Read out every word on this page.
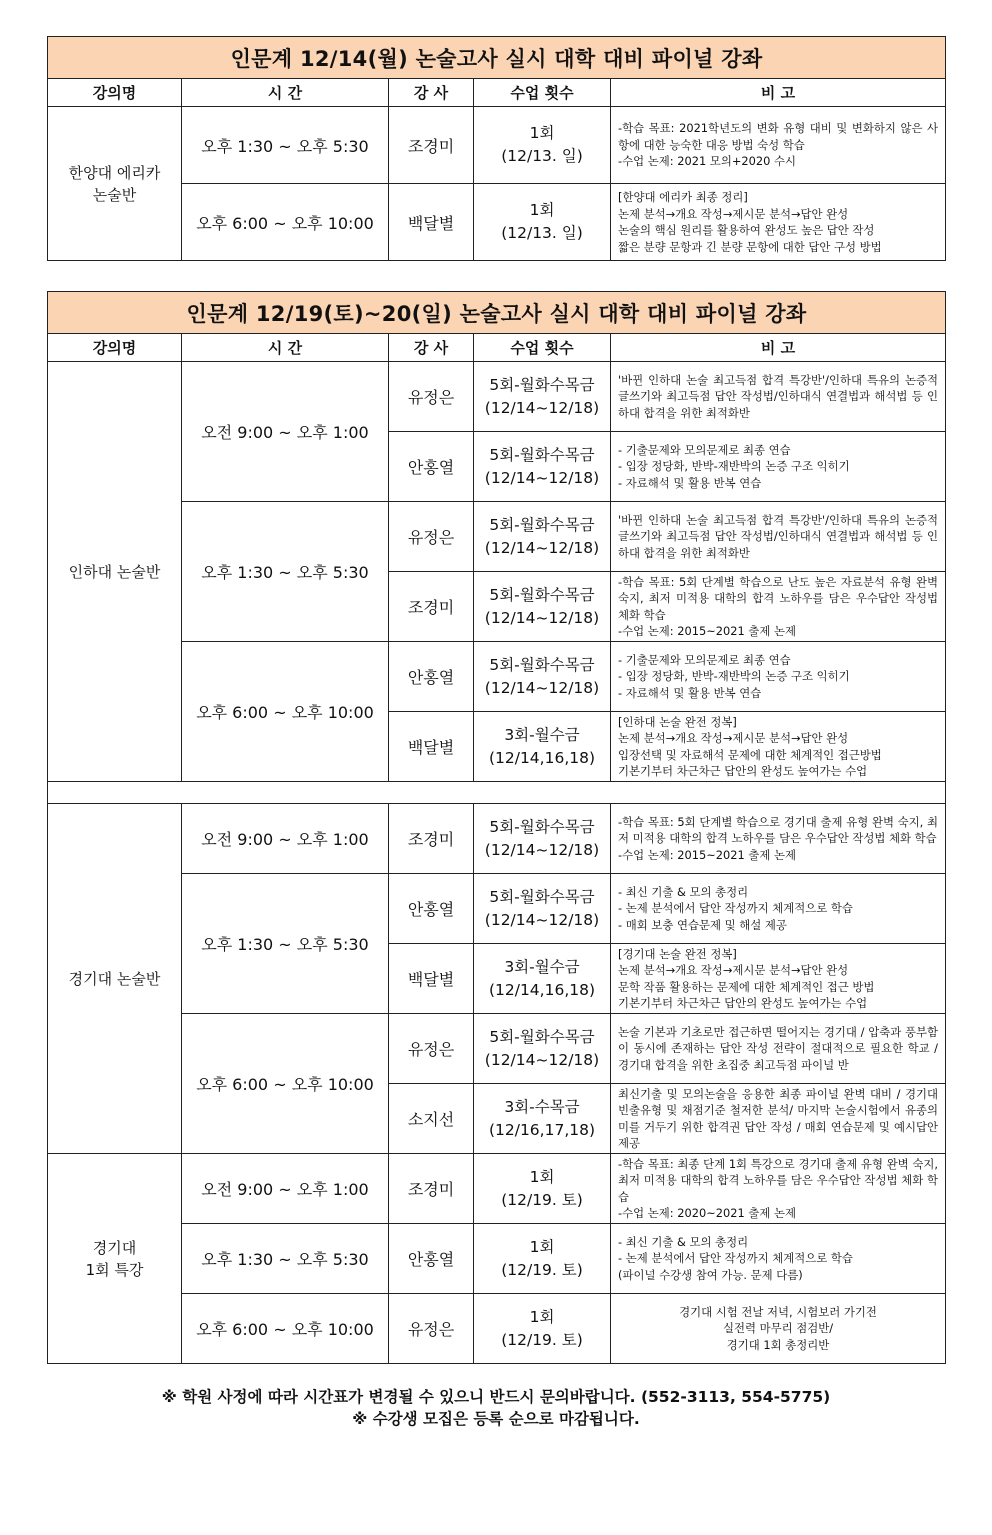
인문계 12/14(월) 논술고사 실시 대학 대비 파이널 강좌				
강의명	시 간	강 사	수업 횟수	비 고

한양대 에리카
논술반	오후 1:30 ~ 오후 5:30	조경미	1회
(12/13. 일)	-학습 목표: 2021학년도의 변화 유형 대비 및 변화하지 않은 사항에 대한 능숙한 대응 방법 숙성 학습
-수업 논제: 2021 모의+2020 수시

	오후 6:00 ~ 오후 10:00	백달별	1회
(12/13. 일)	[한양대 에리카 최종 정리]
논제 분석→개요 작성→제시문 분석→답안 완성
논술의 핵심 원리를 활용하여 완성도 높은 답안 작성
짧은 분량 문항과 긴 분량 문항에 대한 답안 구성 방법
인문계 12/19(토)~20(일) 논술고사 실시 대학 대비 파이널 강좌				
강의명	시 간	강 사	수업 횟수	비 고
인하대 논술반	오전 9:00 ~ 오후 1:00	유정은	5회-월화수목금
(12/14~12/18)	'바뀐 인하대 논술 최고득점 합격 특강반'/인하대 특유의 논증적 글쓰기와 최고득점 답안 작성법/인하대식 연결법과 해석법 등 인하대 합격을 위한 최적화반
		안홍열	5회-월화수목금
(12/14~12/18)	- 기출문제와 모의문제로 최종 연습
- 입장 정당화, 반박-재반박의 논증 구조 익히기
- 자료해석 및 활용 반복 연습

	오후 1:30 ~ 오후 5:30	유정은	5회-월화수목금
(12/14~12/18)	'바뀐 인하대 논술 최고득점 합격 특강반'/인하대 특유의 논증적 글쓰기와 최고득점 답안 작성법/인하대식 연결법과 해석법 등 인하대 합격을 위한 최적화반
		조경미	5회-월화수목금
(12/14~12/18)	-학습 목표: 5회 단계별 학습으로 난도 높은 자료분석 유형 완벽 숙지, 최저 미적용 대학의 합격 노하우를 담은 우수답안 작성법 체화 학습
-수업 논제: 2015~2021 출제 논제

	오후 6:00 ~ 오후 10:00	안홍열	5회-월화수목금
(12/14~12/18)	- 기출문제와 모의문제로 최종 연습
- 입장 정당화, 반박-재반박의 논증 구조 익히기
- 자료해석 및 활용 반복 연습

		백달별	3회-월수금
(12/14,16,18)	[인하대 논술 완전 정복]
논제 분석→개요 작성→제시문 분석→답안 완성
입장선택 및 자료해석 문제에 대한 체계적인 접근방법
기본기부터 차근차근 답안의 완성도 높여가는 수업

경기대 논술반	오전 9:00 ~ 오후 1:00	조경미	5회-월화수목금
(12/14~12/18)	-학습 목표: 5회 단계별 학습으로 경기대 출제 유형 완벽 숙지, 최저 미적용 대학의 합격 노하우를 담은 우수답안 작성법 체화 학습
-수업 논제: 2015~2021 출제 논제

	오후 1:30 ~ 오후 5:30	안홍열	5회-월화수목금
(12/14~12/18)	- 최신 기출 & 모의 총정리
- 논제 분석에서 답안 작성까지 체계적으로 학습
- 매회 보충 연습문제 및 해설 제공

		백달별	3회-월수금
(12/14,16,18)	[경기대 논술 완전 정복]
논제 분석→개요 작성→제시문 분석→답안 완성
문학 작품 활용하는 문제에 대한 체계적인 접근 방법
기본기부터 차근차근 답안의 완성도 높여가는 수업

	오후 6:00 ~ 오후 10:00	유정은	5회-월화수목금
(12/14~12/18)	논술 기본과 기초로만 접근하면 떨어지는 경기대 / 압축과 풍부함이 동시에 존재하는 답안 작성 전략이 절대적으로 필요한 학교 / 경기대 합격을 위한 초집중 최고득점 파이널 반
		소지선	3회-수목금
(12/16,17,18)	최신기출 및 모의논술을 응용한 최종 파이널 완벽 대비 / 경기대 빈출유형 및 채점기준 철저한 분석/ 마지막 논술시험에서 유종의 미를 거두기 위한 합격권 답안 작성 / 매회 연습문제 및 예시답안 제공

경기대
1회 특강	오전 9:00 ~ 오후 1:00	조경미	1회
(12/19. 토)	-학습 목표: 최종 단계 1회 특강으로 경기대 출제 유형 완벽 숙지, 최저 미적용 대학의 합격 노하우를 담은 우수답안 작성법 체화 학습
-수업 논제: 2020~2021 출제 논제

	오후 1:30 ~ 오후 5:30	안홍열	1회
(12/19. 토)	- 최신 기출 & 모의 총정리
- 논제 분석에서 답안 작성까지 체계적으로 학습
(파이널 수강생 참여 가능. 문제 다름)

	오후 6:00 ~ 오후 10:00	유정은	1회
(12/19. 토)	경기대 시험 전날 저녁, 시험보러 가기전
실전력 마무리 점검반/
경기대 1회 총정리반
※ 학원 사정에 따라 시간표가 변경될 수 있으니 반드시 문의바랍니다. (552-3113, 554-5775)
※ 수강생 모집은 등록 순으로 마감됩니다.
